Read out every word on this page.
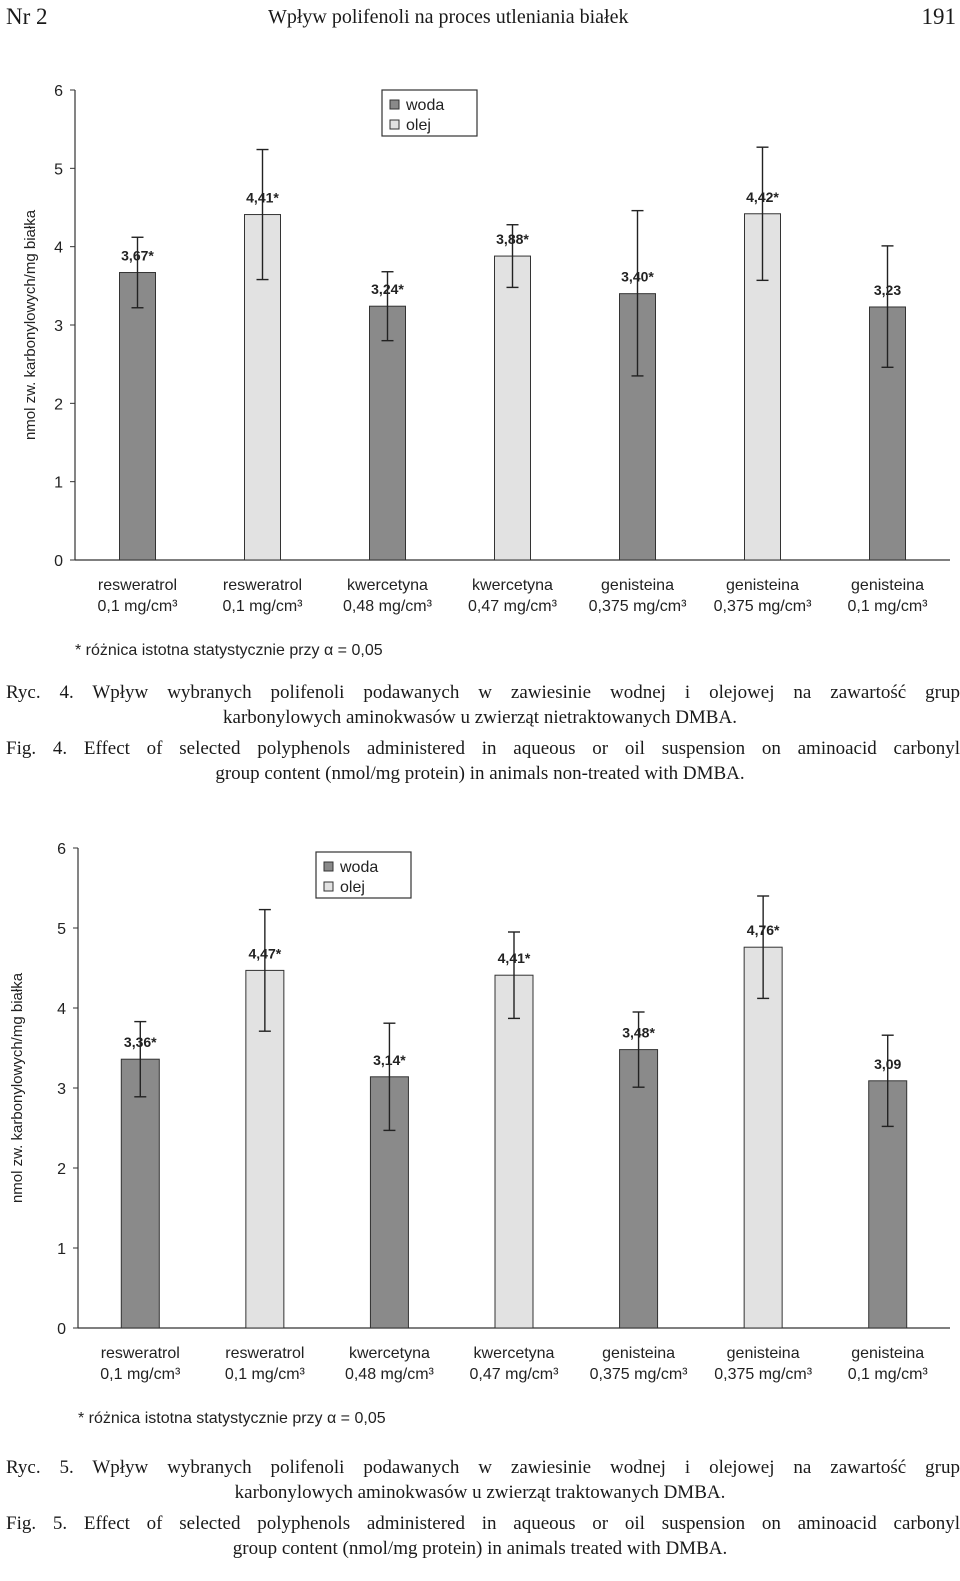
Nr 2	Wpływ polifenoli na proces utleniania białek	191
0
1
2
3
4
5
6
nmol zw. karbonylowych/mg białka	3,67*
resweratrol
0,1 mg/cm³
4,41*
resweratrol
0,1 mg/cm³
3,24*
kwercetyna
0,48 mg/cm³
3,88*
kwercetyna
0,47 mg/cm³
3,40*
genisteina
0,375 mg/cm³
4,42*
genisteina
0,375 mg/cm³
3,23
genisteina
0,1 mg/cm³
woda
olej
* różnica istotna statystycznie przy α = 0,05
Ryc. 4. Wpływ wybranych polifenoli podawanych w zawiesinie wodnej i olejowej na zawartość grup
karbonylowych aminokwasów u zwierząt nietraktowanych DMBA.
Fig. 4. Effect of selected polyphenols administered in aqueous or oil suspension on aminoacid carbonyl
group content (nmol/mg protein) in animals non-treated with DMBA.
0
1
2
3
4
5
6
nmol zw. karbonylowych/mg białka	3,36*
resweratrol
0,1 mg/cm³
4,47*
resweratrol
0,1 mg/cm³
3,14*
kwercetyna
0,48 mg/cm³
4,41*
kwercetyna
0,47 mg/cm³
3,48*
genisteina
0,375 mg/cm³
4,76*
genisteina
0,375 mg/cm³
3,09
genisteina
0,1 mg/cm³
woda
olej
* różnica istotna statystycznie przy α = 0,05
Ryc. 5. Wpływ wybranych polifenoli podawanych w zawiesinie wodnej i olejowej na zawartość grup
karbonylowych aminokwasów u zwierząt traktowanych DMBA.
Fig. 5. Effect of selected polyphenols administered in aqueous or oil suspension on aminoacid carbonyl
group content (nmol/mg protein) in animals treated with DMBA.
